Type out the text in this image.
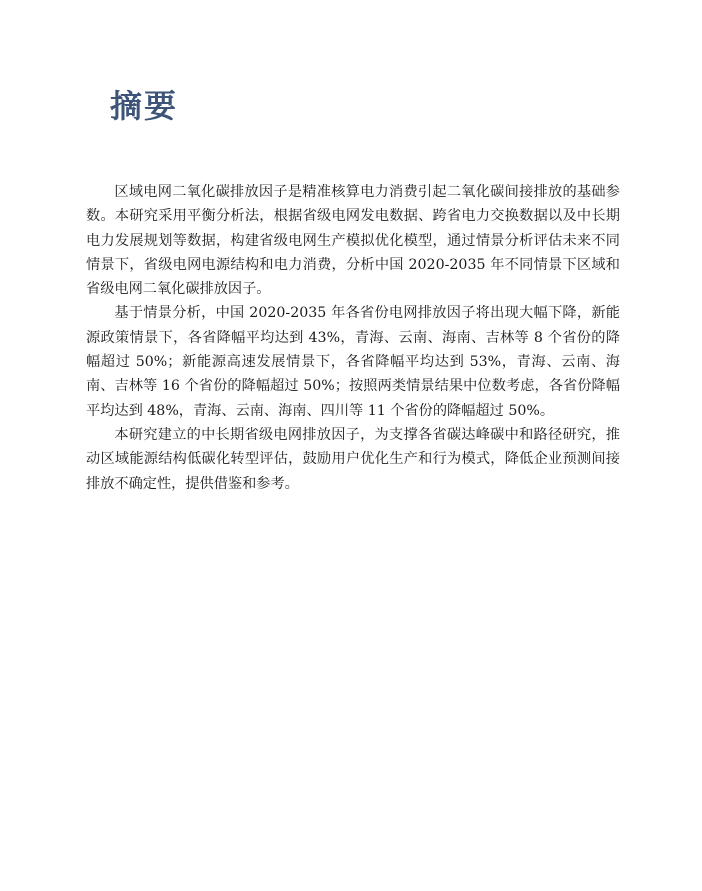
摘要

区域电网二氧化碳排放因子是精准核算电力消费引起二氧化碳间接排放的基础参数。本研究采用平衡分析法，根据省级电网发电数据、跨省电力交换数据以及中长期电力发展规划等数据，构建省级电网生产模拟优化模型，通过情景分析评估未来不同情景下，省级电网电源结构和电力消费，分析中国 2020-2035 年不同情景下区域和省级电网二氧化碳排放因子。

基于情景分析，中国 2020-2035 年各省份电网排放因子将出现大幅下降，新能源政策情景下，各省降幅平均达到 43%，青海、云南、海南、吉林等 8 个省份的降幅超过 50%；新能源高速发展情景下，各省降幅平均达到 53%，青海、云南、海南、吉林等 16 个省份的降幅超过 50%；按照两类情景结果中位数考虑，各省份降幅平均达到 48%，青海、云南、海南、四川等 11 个省份的降幅超过 50%。

本研究建立的中长期省级电网排放因子，为支撑各省碳达峰碳中和路径研究，推动区域能源结构低碳化转型评估，鼓励用户优化生产和行为模式，降低企业预测间接排放不确定性，提供借鉴和参考。
